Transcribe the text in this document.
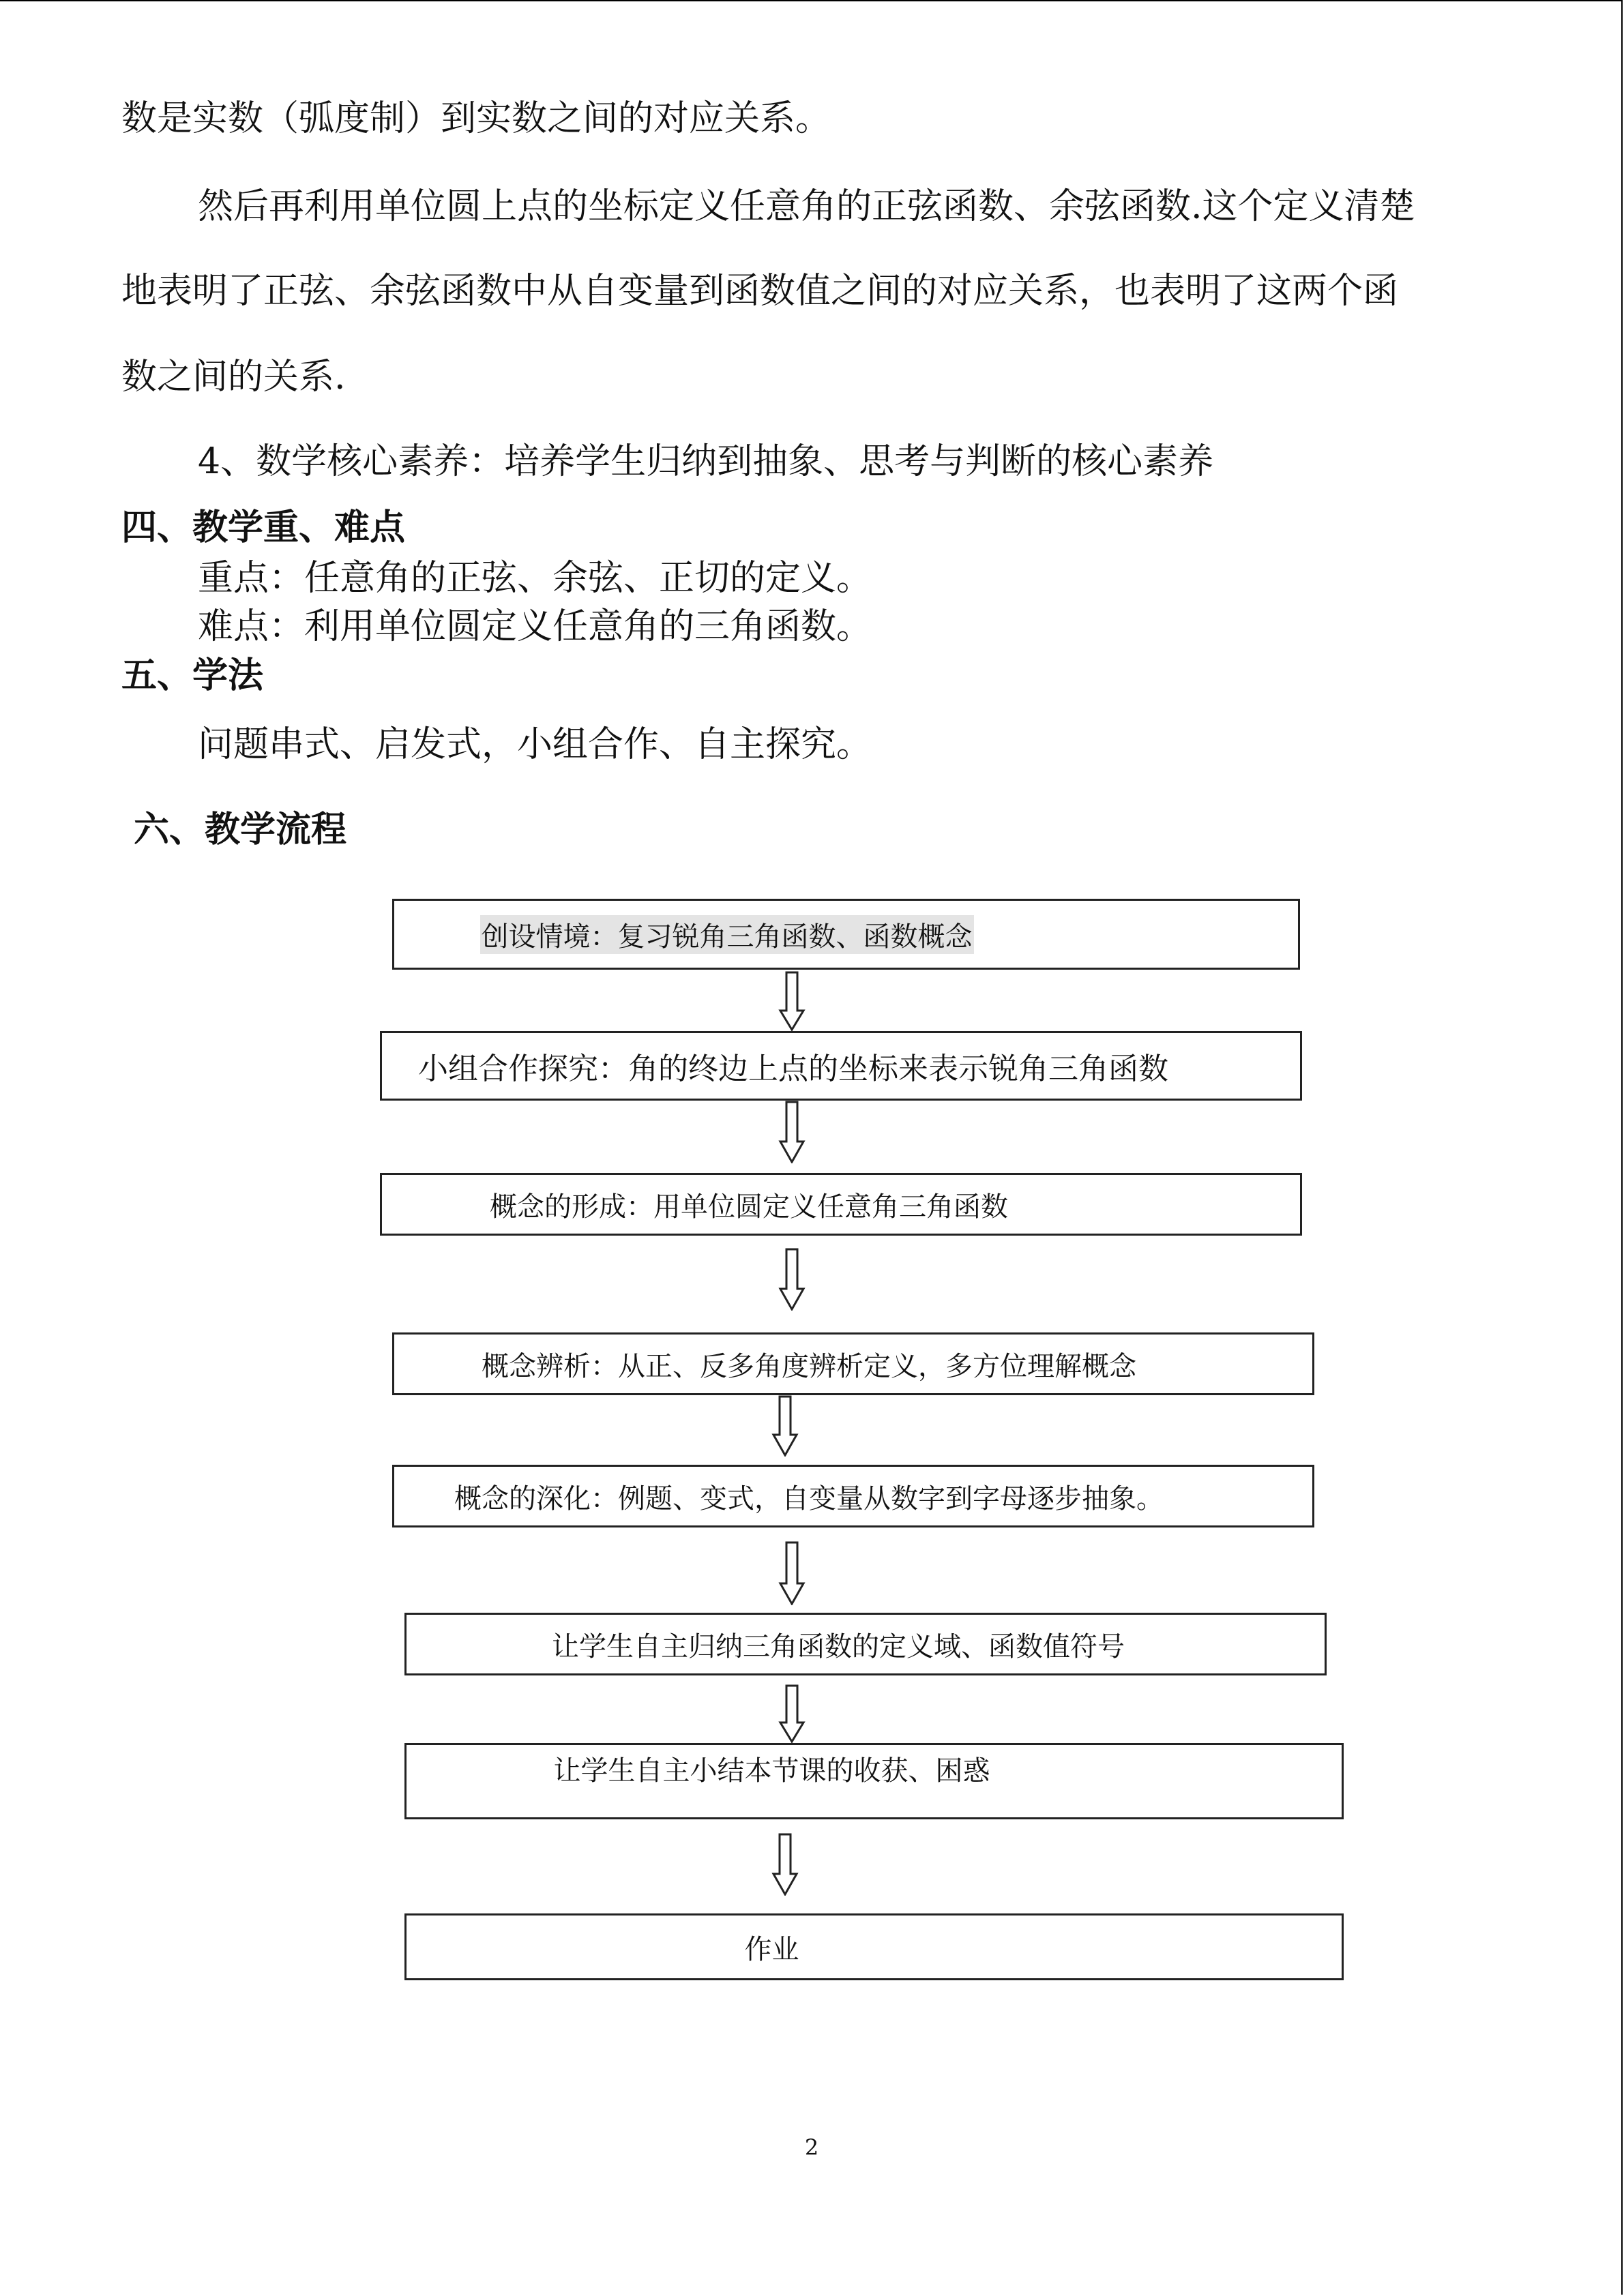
数是实数（弧度制）到实数之间的对应关系。
然后再利用单位圆上点的坐标定义任意角的正弦函数、余弦函数.这个定义清楚
地表明了正弦、余弦函数中从自变量到函数值之间的对应关系，也表明了这两个函
数之间的关系.
4、数学核心素养：培养学生归纳到抽象、思考与判断的核心素养
四、教学重、难点
重点：任意角的正弦、余弦、正切的定义。
难点：利用单位圆定义任意角的三角函数。
五、学法
问题串式、启发式，小组合作、自主探究。
六、教学流程
创设情境：复习锐角三角函数、函数概念
小组合作探究：角的终边上点的坐标来表示锐角三角函数
概念的形成：用单位圆定义任意角三角函数
概念辨析：从正、反多角度辨析定义，多方位理解概念
概念的深化：例题、变式，自变量从数字到字母逐步抽象。
让学生自主归纳三角函数的定义域、函数值符号
让学生自主小结本节课的收获、困惑
作业
2
